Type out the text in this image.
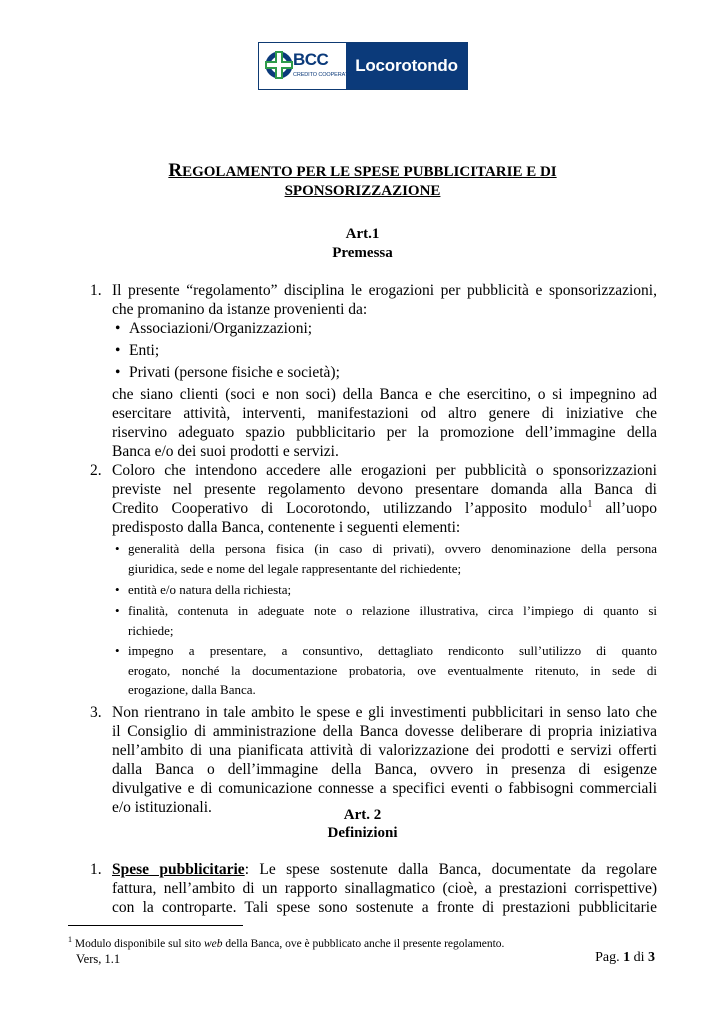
BCC
CREDITO COOPERATIVO
Locorotondo
REGOLAMENTO PER LE SPESE PUBBLICITARIE E DI
SPONSORIZZAZIONE
Art.1
Premessa
1. Il presente “regolamento” disciplina le erogazioni per pubblicità e sponsorizzazioni,
che promanino da istanze provenienti da:
• Associazioni/Organizzazioni;
• Enti;
• Privati (persone fisiche e società);
che siano clienti (soci e non soci) della Banca e che esercitino, o si impegnino ad
esercitare attività, interventi, manifestazioni od altro genere di iniziative che
riservino adeguato spazio pubblicitario per la promozione dell’immagine della
Banca e/o dei suoi prodotti e servizi.
2. Coloro che intendono accedere alle erogazioni per pubblicità o sponsorizzazioni
previste nel presente regolamento devono presentare domanda alla Banca di
Credito Cooperativo di Locorotondo, utilizzando l’apposito modulo$^1$ all’uopo
predisposto dalla Banca, contenente i seguenti elementi:
• generalità della persona fisica (in caso di privati), ovvero denominazione della persona
giuridica, sede e nome del legale rappresentante del richiedente;
• entità e/o natura della richiesta;
• finalità, contenuta in adeguate note o relazione illustrativa, circa l’impiego di quanto si
richiede;
• impegno a presentare, a consuntivo, dettagliato rendiconto sull’utilizzo di quanto
erogato, nonché la documentazione probatoria, ove eventualmente ritenuto, in sede di
erogazione, dalla Banca.
3. Non rientrano in tale ambito le spese e gli investimenti pubblicitari in senso lato che
il Consiglio di amministrazione della Banca dovesse deliberare di propria iniziativa
nell’ambito di una pianificata attività di valorizzazione dei prodotti e servizi offerti
dalla Banca o dell’immagine della Banca, ovvero in presenza di esigenze
divulgative e di comunicazione connesse a specifici eventi o fabbisogni commerciali
e/o istituzionali.	Art. 2
Definizioni
1. Spese pubblicitarie: Le spese sostenute dalla Banca, documentate da regolare
fattura, nell’ambito di un rapporto sinallagmatico (cioè, a prestazioni corrispettive)
con la controparte. Tali spese sono sostenute a fronte di prestazioni pubblicitarie
$^1$ Modulo disponibile sul sito web della Banca, ove è pubblicato anche il presente regolamento.
Vers, 1.1	Pag. 1 di 3
